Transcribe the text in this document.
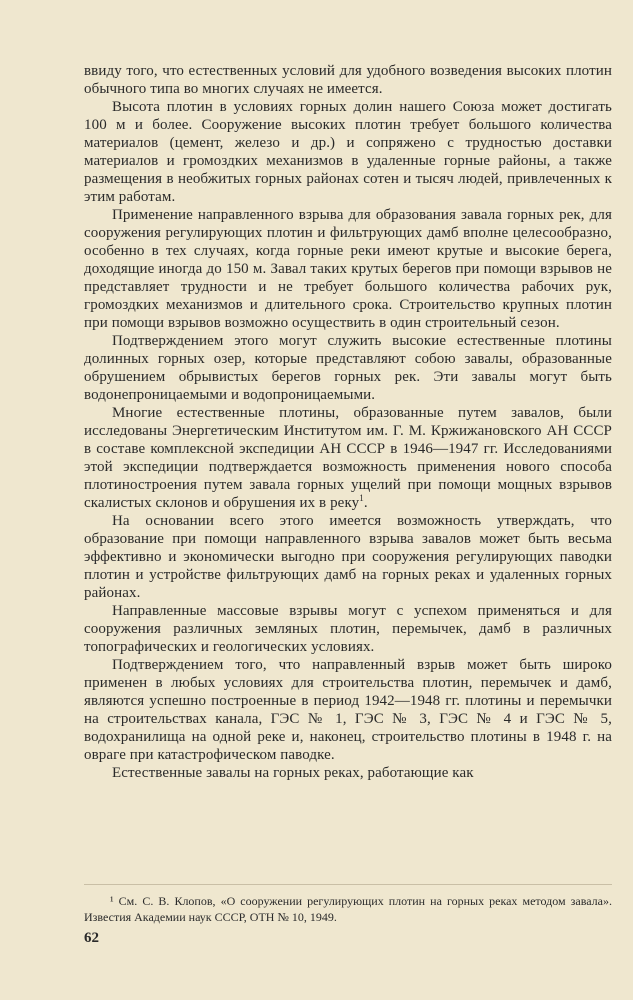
ввиду того, что естественных условий для удобного возведения высоких плотин обычного типа во многих случаях не имеется.

Высота плотин в условиях горных долин нашего Союза может достигать 100 м и более. Сооружение высоких плотин требует большого количества материалов (цемент, железо и др.) и сопряжено с трудностью доставки материалов и громоздких механизмов в удаленные горные районы, а также размещения в необжитых горных районах сотен и тысяч людей, привлеченных к этим работам.

Применение направленного взрыва для образования завала горных рек, для сооружения регулирующих плотин и фильтрующих дамб вполне целесообразно, особенно в тех случаях, когда горные реки имеют крутые и высокие берега, доходящие иногда до 150 м. Завал таких крутых берегов при помощи взрывов не представляет трудности и не требует большого количества рабочих рук, громоздких механизмов и длительного срока. Строительство крупных плотин при помощи взрывов возможно осуществить в один строительный сезон.

Подтверждением этого могут служить высокие естественные плотины долинных горных озер, которые представляют собою завалы, образованные обрушением обрывистых берегов горных рек. Эти завалы могут быть водонепроницаемыми и водопроницаемыми.

Многие естественные плотины, образованные путем завалов, были исследованы Энергетическим Институтом им. Г. М. Кржижановского АН СССР в составе комплексной экспедиции АН СССР в 1946—1947 гг. Исследованиями этой экспедиции подтверждается возможность применения нового способа плотиностроения путем завала горных ущелий при помощи мощных взрывов скалистых склонов и обрушения их в реку$^1$.

На основании всего этого имеется возможность утверждать, что образование при помощи направленного взрыва завалов может быть весьма эффективно и экономически выгодно при сооружения регулирующих паводки плотин и устройстве фильтрующих дамб на горных реках и удаленных горных районах.

Направленные массовые взрывы могут с успехом применяться и для сооружения различных земляных плотин, перемычек, дамб в различных топографических и геологических условиях.

Подтверждением того, что направленный взрыв может быть широко применен в любых условиях для строительства плотин, перемычек и дамб, являются успешно построенные в период 1942—1948 гг. плотины и перемычки на строительствах канала, ГЭС № 1, ГЭС № 3, ГЭС № 4 и ГЭС № 5, водохранилища на одной реке и, наконец, строительство плотины в 1948 г. на овраге при катастрофическом паводке.

Естественные завалы на горных реках, работающие как

¹ См. С. В. Клопов, «О сооружении регулирующих плотин на горных реках методом завала». Известия Академии наук СССР, ОТН № 10, 1949.

62
